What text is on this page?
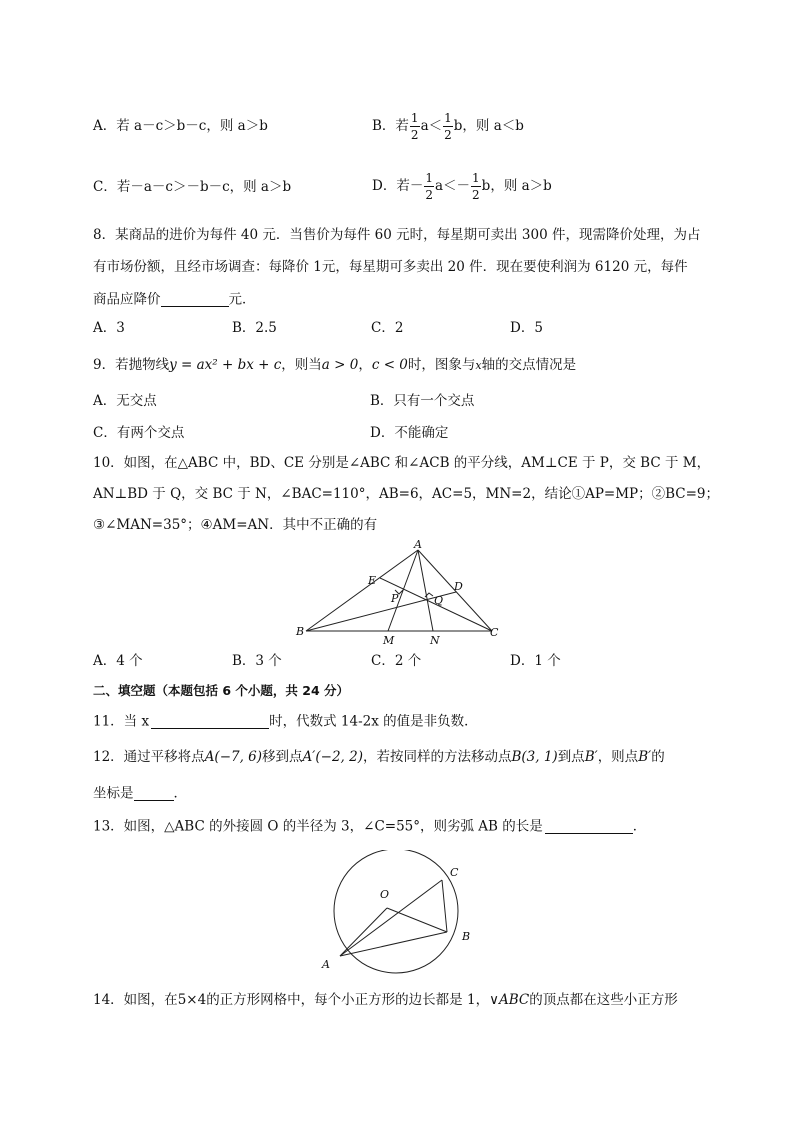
A．若 a－c＞b－c，则 a＞b	B．若 $\frac{1}{2} a< \frac{1}{2}$ b，则 a＜b
C．若－a－c＞－b－c，则 a＞b	D．若－ $\frac{1}{2} a<- \frac{1}{2}$ b，则 a＞b
8．某商品的进价为每件 40 元．当售价为每件 60 元时，每星期可卖出 300 件，现需降价处理，为占
有市场份额，且经市场调查：每降价 1元，每星期可多卖出 20 件．现在要使利润为 6120 元，每件
商品应降价	元．
A．3	B．2.5	C．2	D．5
9．若抛物线y = ax² + bx + c，则当a > 0，c < 0时，图象与x轴的交点情况是
A．无交点	B．只有一个交点
C．有两个交点	D．不能确定
10．如图，在△ABC 中，BD、CE 分别是∠ABC 和∠ACB 的平分线，AM⊥CE 于 P，交 BC 于 M，
AN⊥BD 于 Q，交 BC 于 N，∠BAC=110°，AB=6，AC=5，MN=2，结论①AP=MP；②BC=9；
③∠MAN=35°；④AM=AN．其中不正确的有
A
B	C
D
E
P	Q
M	N
A．4 个	B．3 个	C．2 个	D．1 个
二、填空题（本题包括 6 个小题，共 24 分）
11．当 x	时，代数式 14-2x 的值是非负数．
12．通过平移将点A(−7, 6)移到点A′(−2, 2)，若按同样的方法移动点B(3, 1)到点B′，则点B′的
坐标是	．
13．如图，△ABC 的外接圆 O 的半径为 3，∠C=55°，则劣弧 AB 的长是	．
O
A
B
C
14．如图，在5×4的正方形网格中，每个小正方形的边长都是 1，∨ABC的顶点都在这些小正方形
